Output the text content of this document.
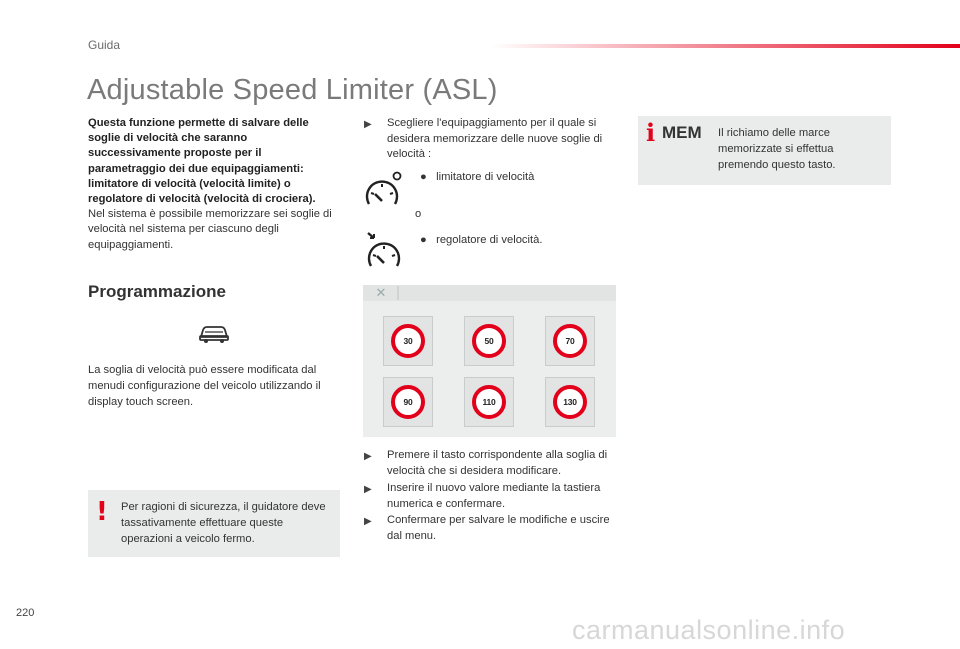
Guida
Adjustable Speed Limiter (ASL)
Questa funzione permette di salvare delle soglie di velocità che saranno successivamente proposte per il parametraggio dei due equipaggiamenti: limitatore di velocità (velocità limite) o regolatore di velocità (velocità di crociera).
Nel sistema è possibile memorizzare sei soglie di velocità nel sistema per ciascuno degli equipaggiamenti.
Programmazione
La soglia di velocità può essere modificata dal menudi configurazione del veicolo utilizzando il display touch screen.
! Per ragioni di sicurezza, il guidatore deve tassativamente effettuare queste operazioni a veicolo fermo.
▶	Scegliere l'equipaggiamento per il quale si desidera memorizzare delle nuove soglie di velocità :
●   limitatore di velocità
o
●   regolatore di velocità.
✕
30	50	70
90	110	130
▶	Premere il tasto corrispondente alla soglia di velocità che si desidera modificare.
▶	Inserire il nuovo valore mediante la tastiera numerica e confermare.
▶	Confermare per salvare le modifiche e uscire dal menu.
i MEM Il richiamo delle marce memorizzate si effettua premendo questo tasto.
220
carmanualsonline.info
